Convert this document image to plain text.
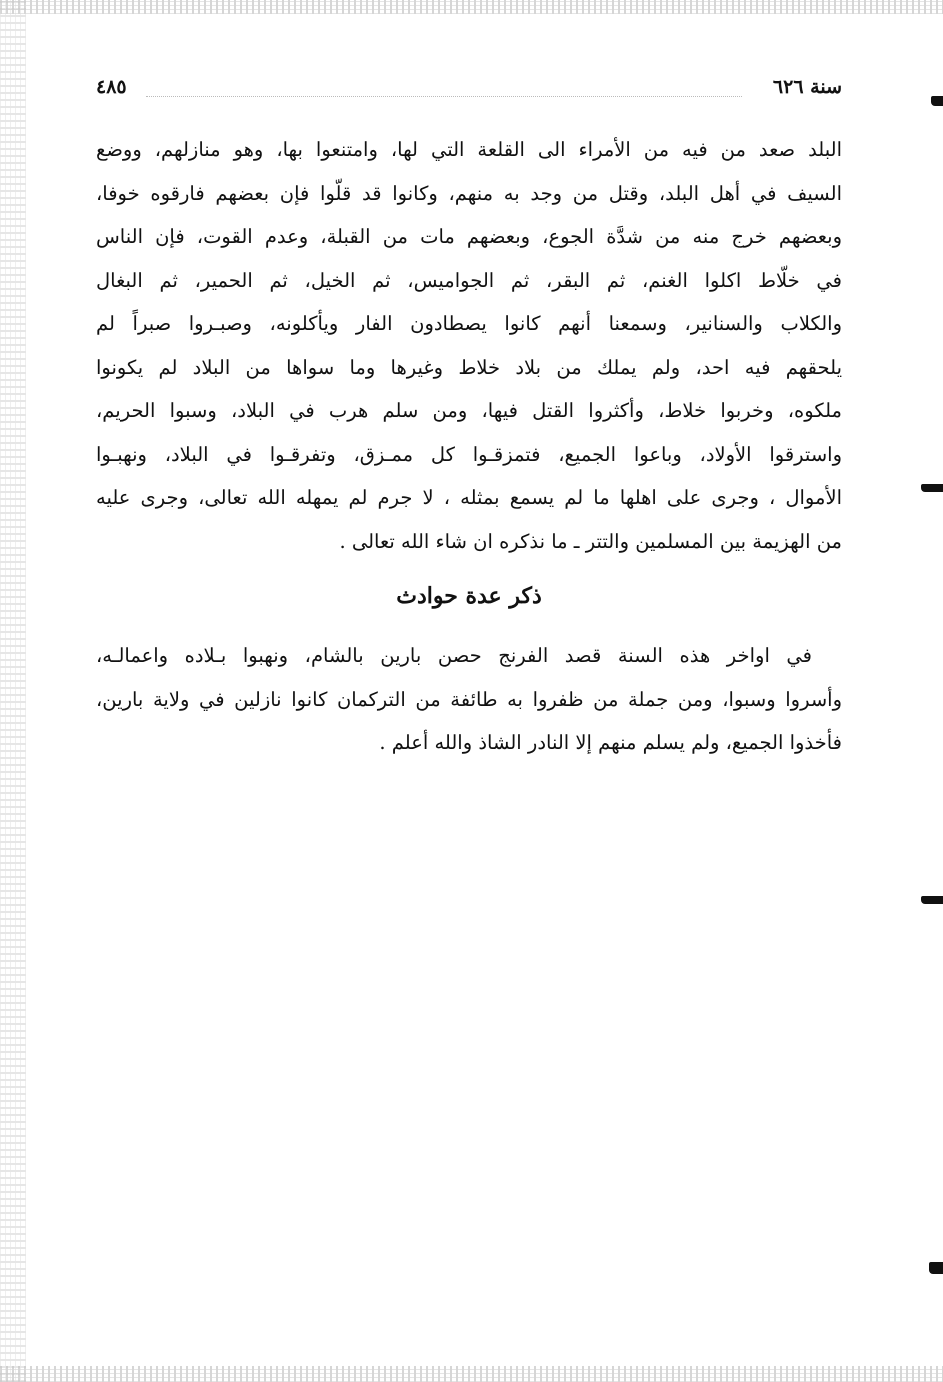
سنة ٦٢٦
٤٨٥
البلد صعد من فيه من الأمراء الى القلعة التي لها، وامتنعوا بها، وهو منازلهم، ووضع
السيف في أهل البلد، وقتل من وجد به منهم، وكانوا قد قلّوا فإن بعضهم فارقوه خوفا،
وبعضهم خرج منه من شدَّة الجوع، وبعضهم مات من القبلة، وعدم القوت، فإن الناس
في خلّاط اكلوا الغنم، ثم البقر، ثم الجواميس، ثم الخيل، ثم الحمير، ثم البغال
والكلاب والسنانير، وسمعنا أنهم كانوا يصطادون الفار ويأكلونه، وصبـروا صبراً لم
يلحقهم فيه احد، ولم يملك من بلاد خلاط وغيرها وما سواها من البلاد لم يكونوا
ملكوه، وخربوا خلاط، وأكثروا القتل فيها، ومن سلم هرب في البلاد، وسبوا الحريم،
واسترقوا الأولاد، وباعوا الجميع، فتمزقـوا كل ممـزق، وتفرقـوا في البلاد، ونهبـوا
الأموال ، وجرى على اهلها ما لم يسمع بمثله ، لا جرم لم يمهله الله تعالى، وجرى عليه
من الهزيمة بين المسلمين والتتر ـ ما نذكره ان شاء الله تعالى .
ذكر عدة حوادث
في اواخر هذه السنة قصد الفرنج حصن بارين بالشام، ونهبوا بـلاده واعمالـه،
وأسروا وسبوا، ومن جملة من ظفروا به طائفة من التركمان كانوا نازلين في ولاية بارين،
فأخذوا الجميع، ولم يسلم منهم إلا النادر الشاذ والله أعلم .
